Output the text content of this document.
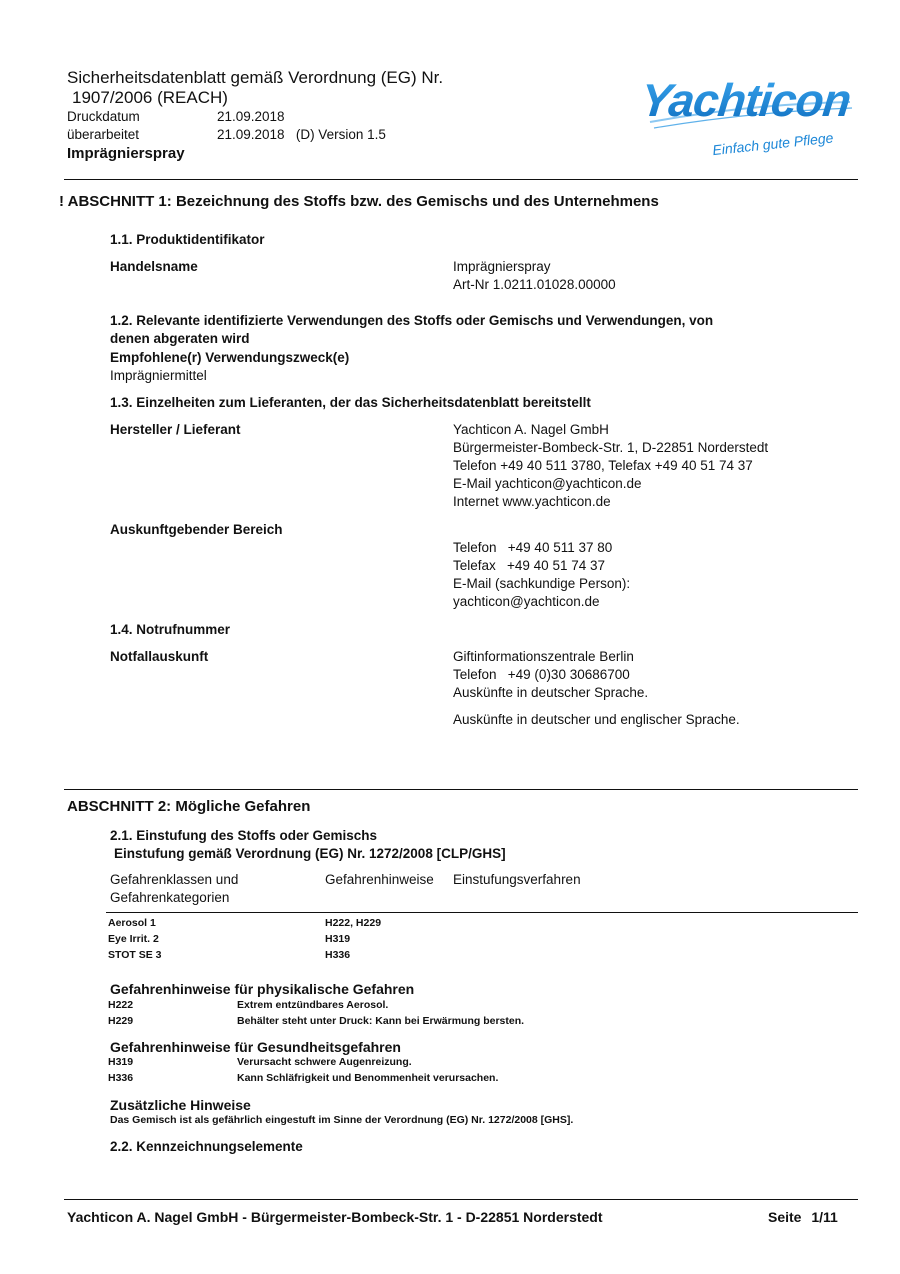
Sicherheitsdatenblatt gemäß Verordnung (EG) Nr.
1907/2006 (REACH)
Druckdatum	21.09.2018
überarbeitet	21.09.2018   (D) Version 1.5
Imprägnierspray
Yachticon
Einfach gute Pflege
! ABSCHNITT 1: Bezeichnung des Stoffs bzw. des Gemischs und des Unternehmens
1.1. Produktidentifikator
Handelsname	Imprägnierspray
Art-Nr 1.0211.01028.00000
1.2. Relevante identifizierte Verwendungen des Stoffs oder Gemischs und Verwendungen, von
denen abgeraten wird
Empfohlene(r) Verwendungszweck(e)
Imprägniermittel
1.3. Einzelheiten zum Lieferanten, der das Sicherheitsdatenblatt bereitstellt
Hersteller / Lieferant	Yachticon A. Nagel GmbH
Bürgermeister-Bombeck-Str. 1, D-22851 Norderstedt
Telefon +49 40 511 3780, Telefax +49 40 51 74 37
E-Mail yachticon@yachticon.de
Internet www.yachticon.de
Auskunftgebender Bereich
Telefon   +49 40 511 37 80
Telefax   +49 40 51 74 37
E-Mail (sachkundige Person):
yachticon@yachticon.de
1.4. Notrufnummer
Notfallauskunft	Giftinformationszentrale Berlin
Telefon   +49 (0)30 30686700
Auskünfte in deutscher Sprache.
Auskünfte in deutscher und englischer Sprache.
ABSCHNITT 2: Mögliche Gefahren
2.1. Einstufung des Stoffs oder Gemischs
Einstufung gemäß Verordnung (EG) Nr. 1272/2008 [CLP/GHS]
Gefahrenklassen und
Gefahrenkategorien
Gefahrenhinweise Einstufungsverfahren
Aerosol 1	H222, H229
Eye Irrit. 2	H319
STOT SE 3	H336
Gefahrenhinweise für physikalische Gefahren
H222	Extrem entzündbares Aerosol.
H229	Behälter steht unter Druck: Kann bei Erwärmung bersten.
Gefahrenhinweise für Gesundheitsgefahren
H319	Verursacht schwere Augenreizung.
H336	Kann Schläfrigkeit und Benommenheit verursachen.
Zusätzliche Hinweise
Das Gemisch ist als gefährlich eingestuft im Sinne der Verordnung (EG) Nr. 1272/2008 [GHS].
2.2. Kennzeichnungselemente
Yachticon A. Nagel GmbH - Bürgermeister-Bombeck-Str. 1 - D-22851 Norderstedt	Seite 1/11
